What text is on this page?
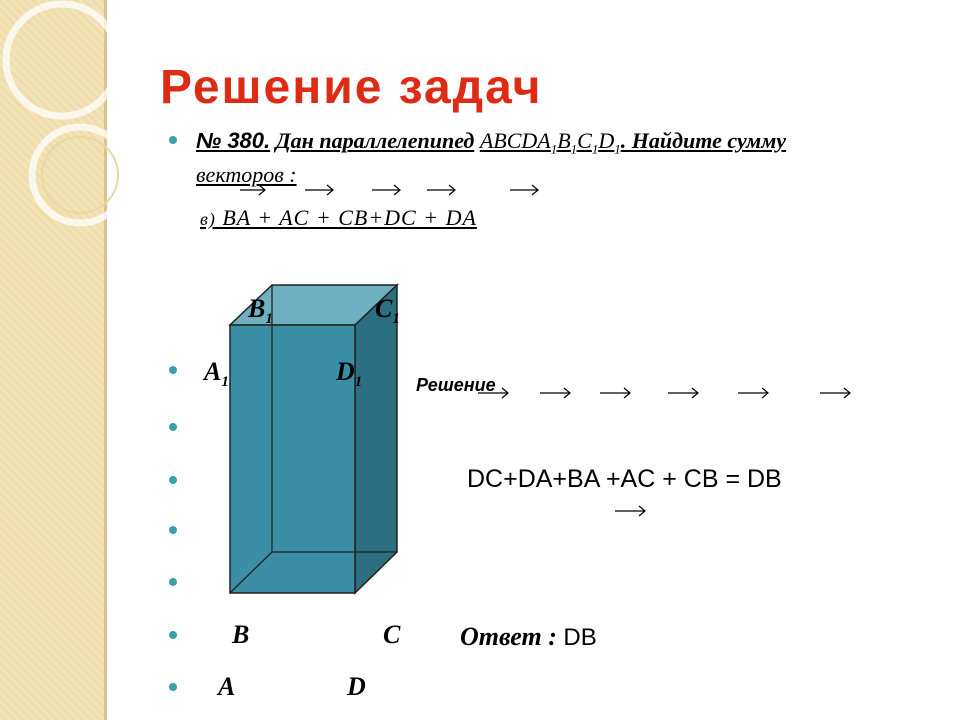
Решение задач
№ 380. Дан параллелепипед $ABCDA_1B_1C_1D_1$. Найдите сумму
векторов :
в) BA + AC + CB+DC + DA
$B_1$	$C_1$
$A_1$	$D_1$
B	C
A	D
Решение
DC+DA+BA +AC + CB = DB
Ответ : DB
